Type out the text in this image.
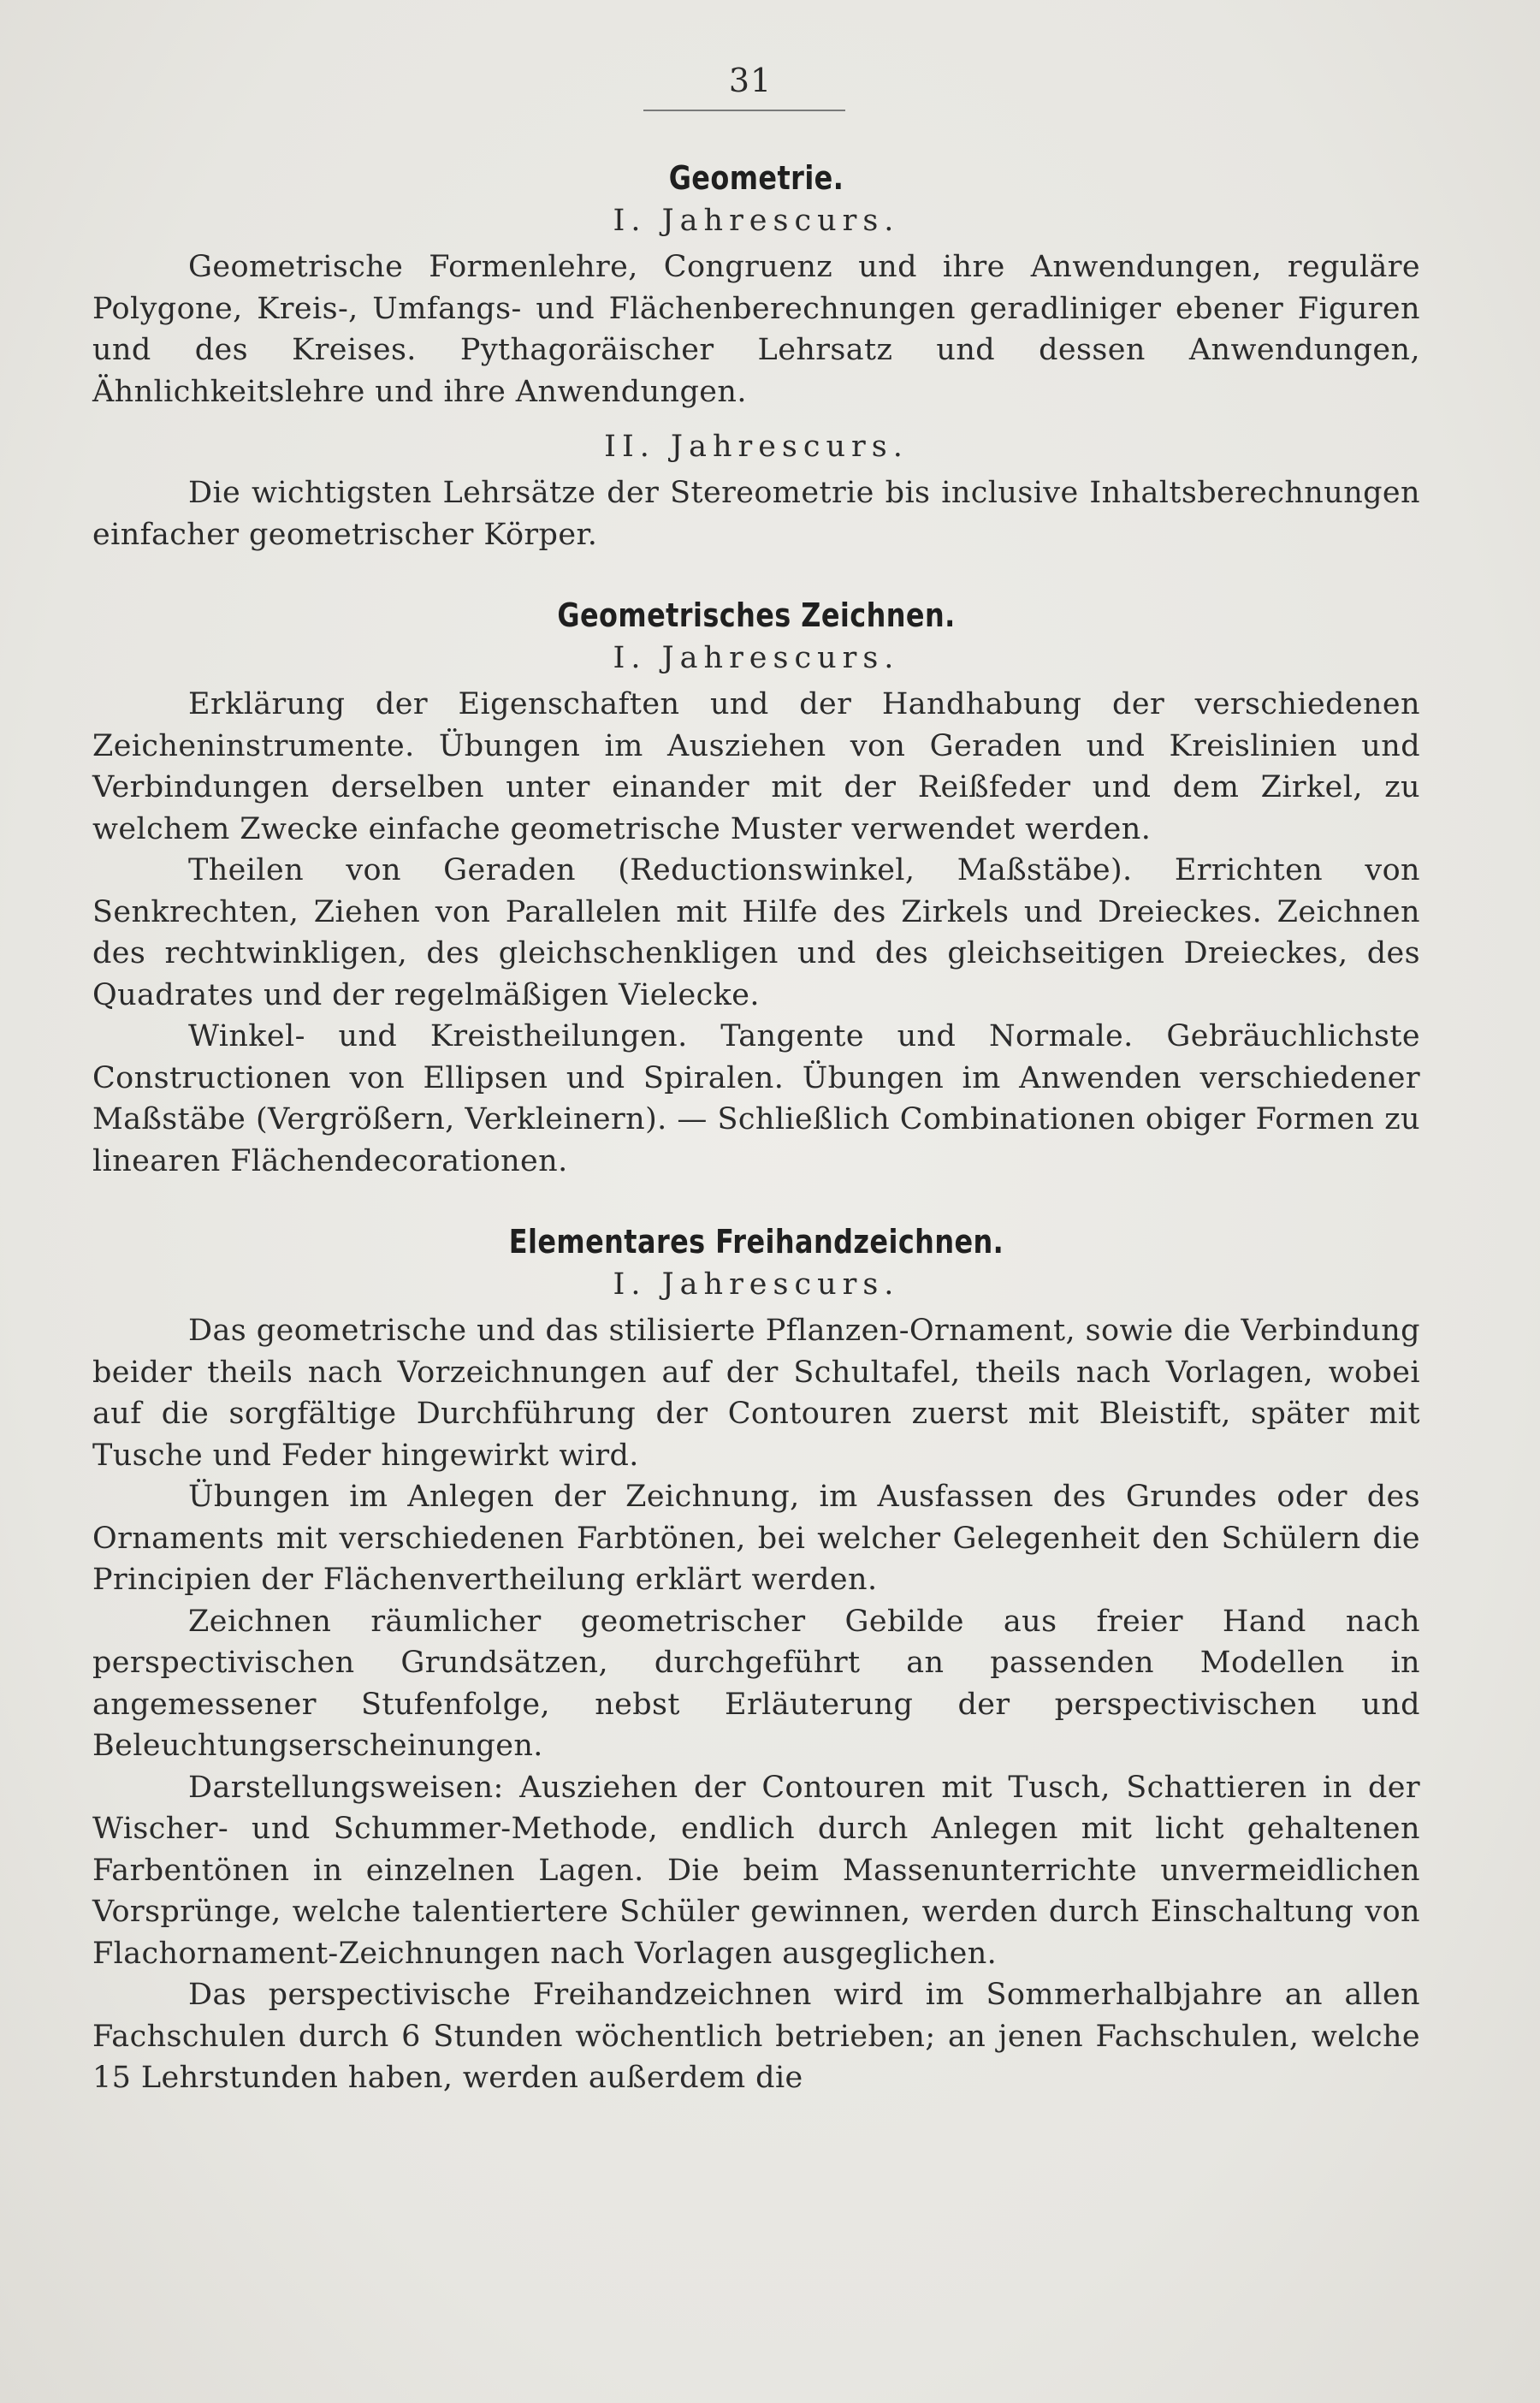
31
Geometrie.
I. Jahrescurs.

Geometrische Formenlehre, Congruenz und ihre Anwendungen, reguläre Polygone, Kreis-, Umfangs- und Flächenberechnungen geradliniger ebener Figuren und des Kreises. Pythagoräischer Lehrsatz und dessen Anwendungen, Ähnlichkeitslehre und ihre Anwendungen.

II. Jahrescurs.

Die wichtigsten Lehrsätze der Stereometrie bis inclusive Inhaltsberechnungen einfacher geometrischer Körper.

Geometrisches Zeichnen.
I. Jahrescurs.

Erklärung der Eigenschaften und der Handhabung der verschiedenen Zeicheninstrumente. Übungen im Ausziehen von Geraden und Kreislinien und Verbindungen derselben unter einander mit der Reißfeder und dem Zirkel, zu welchem Zwecke einfache geometrische Muster verwendet werden.

Theilen von Geraden (Reductionswinkel, Maßstäbe). Errichten von Senkrechten, Ziehen von Parallelen mit Hilfe des Zirkels und Dreieckes. Zeichnen des rechtwinkligen, des gleichschenkligen und des gleichseitigen Dreieckes, des Quadrates und der regelmäßigen Vielecke.

Winkel- und Kreistheilungen. Tangente und Normale. Gebräuchlichste Constructionen von Ellipsen und Spiralen. Übungen im Anwenden verschiedener Maßstäbe (Vergrößern, Verkleinern). — Schließlich Combinationen obiger Formen zu linearen Flächendecorationen.

Elementares Freihandzeichnen.
I. Jahrescurs.

Das geometrische und das stilisierte Pflanzen-Ornament, sowie die Verbindung beider theils nach Vorzeichnungen auf der Schultafel, theils nach Vorlagen, wobei auf die sorgfältige Durchführung der Contouren zuerst mit Bleistift, später mit Tusche und Feder hingewirkt wird.

Übungen im Anlegen der Zeichnung, im Ausfassen des Grundes oder des Ornaments mit verschiedenen Farbtönen, bei welcher Gelegenheit den Schülern die Principien der Flächenvertheilung erklärt werden.

Zeichnen räumlicher geometrischer Gebilde aus freier Hand nach perspectivischen Grundsätzen, durchgeführt an passenden Modellen in angemessener Stufenfolge, nebst Erläuterung der perspectivischen und Beleuchtungserscheinungen.

Darstellungsweisen: Ausziehen der Contouren mit Tusch, Schattieren in der Wischer- und Schummer-Methode, endlich durch Anlegen mit licht gehaltenen Farbentönen in einzelnen Lagen. Die beim Massenunterrichte unvermeidlichen Vorsprünge, welche talentiertere Schüler gewinnen, werden durch Einschaltung von Flachornament-Zeichnungen nach Vorlagen ausgeglichen.

Das perspectivische Freihandzeichnen wird im Sommerhalbjahre an allen Fachschulen durch 6 Stunden wöchentlich betrieben; an jenen Fachschulen, welche 15 Lehrstunden haben, werden außerdem die
